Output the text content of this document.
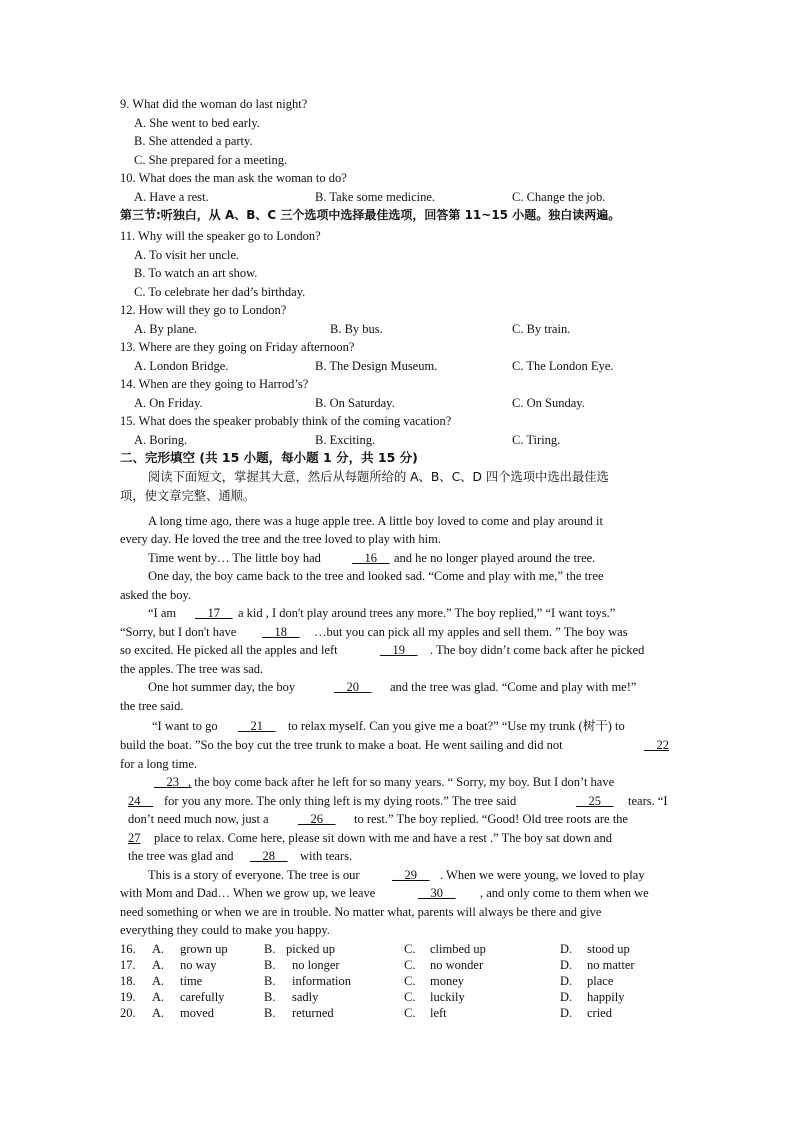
9. What did the woman do last night?
A. She went to bed early.
B. She attended a party.
C. She prepared for a meeting.
10. What does the man ask the woman to do?
A. Have a rest.	B. Take some medicine.	C. Change the job.
第三节:听独白，从 A、B、C 三个选项中选择最佳选项，回答第 11~15 小题。独白读两遍。
11. Why will the speaker go to London?
A. To visit her uncle.
B. To watch an art show.
C. To celebrate her dad’s birthday.
12. How will they go to London?
A. By plane.	B. By bus.	C. By train.
13. Where are they going on Friday afternoon?
A. London Bridge.	B. The Design Museum.	C. The London Eye.
14. When are they going to Harrod’s?
A. On Friday.	B. On Saturday.	C. On Sunday.
15. What does the speaker probably think of the coming vacation?
A. Boring.	B. Exciting.	C. Tiring.
二、完形填空 (共 15 小题，每小题 1 分，共 15 分)
阅读下面短文，掌握其大意，然后从每题所给的 A、B、C、D 四个选项中选出最佳选
项，使文章完整、通顺。
A long time ago, there was a huge apple tree. A little boy loved to come and play around it
every day. He loved the tree and the tree loved to play with him.
Time went by… The little boy had __16__ and he no longer played around the tree.
One day, the boy came back to the tree and looked sad. “Come and play with me,” the tree
asked the boy.
“I am __17__ a kid , I don't play around trees any more.” The boy replied,” “I want toys.”
“Sorry, but I don't have __18__ …but you can pick all my apples and sell them. ” The boy was
so excited. He picked all the apples and left	__19__ . The boy didn’t come back after he picked
the apples. The tree was sad.
One hot summer day, the boy	__20__ and the tree was glad. “Come and play with me!”
the tree said.
“I want to go __21__ to relax myself. Can you give me a boat?” “Use my trunk (树干) to
build the boat. ”So the boy cut the tree trunk to make a boat. He went sailing and did not	__22
for a long time.
__23__
, the boy come back after he left for so many years. “ Sorry, my boy. But I don’t have
24__ for you any more. The only thing left is my dying roots.” The tree said	__25__ tears. “I
don’t need much now, just a __26__ to rest.” The boy replied. “Good! Old tree roots are the
27 place to relax. Come here, please sit down with me and have a rest .” The boy sat down and
the tree was glad and __28__ with tears.
This is a story of everyone. The tree is our	__29__ . When we were young, we loved to play
with Mom and Dad… When we grow up, we leave	__30__ , and only come to them when we
need something or when we are in trouble. No matter what, parents will always be there and give
everything they could to make you happy.
16. A. grown up	B. picked up	C. climbed up	D. stood up
17. A. no way	B. no longer	C. no wonder	D. no matter
18. A. time	B. information	C. money	D. place
19. A. carefully	B. sadly	C. luckily	D. happily
20. A. moved	B. returned	C. left	D. cried
